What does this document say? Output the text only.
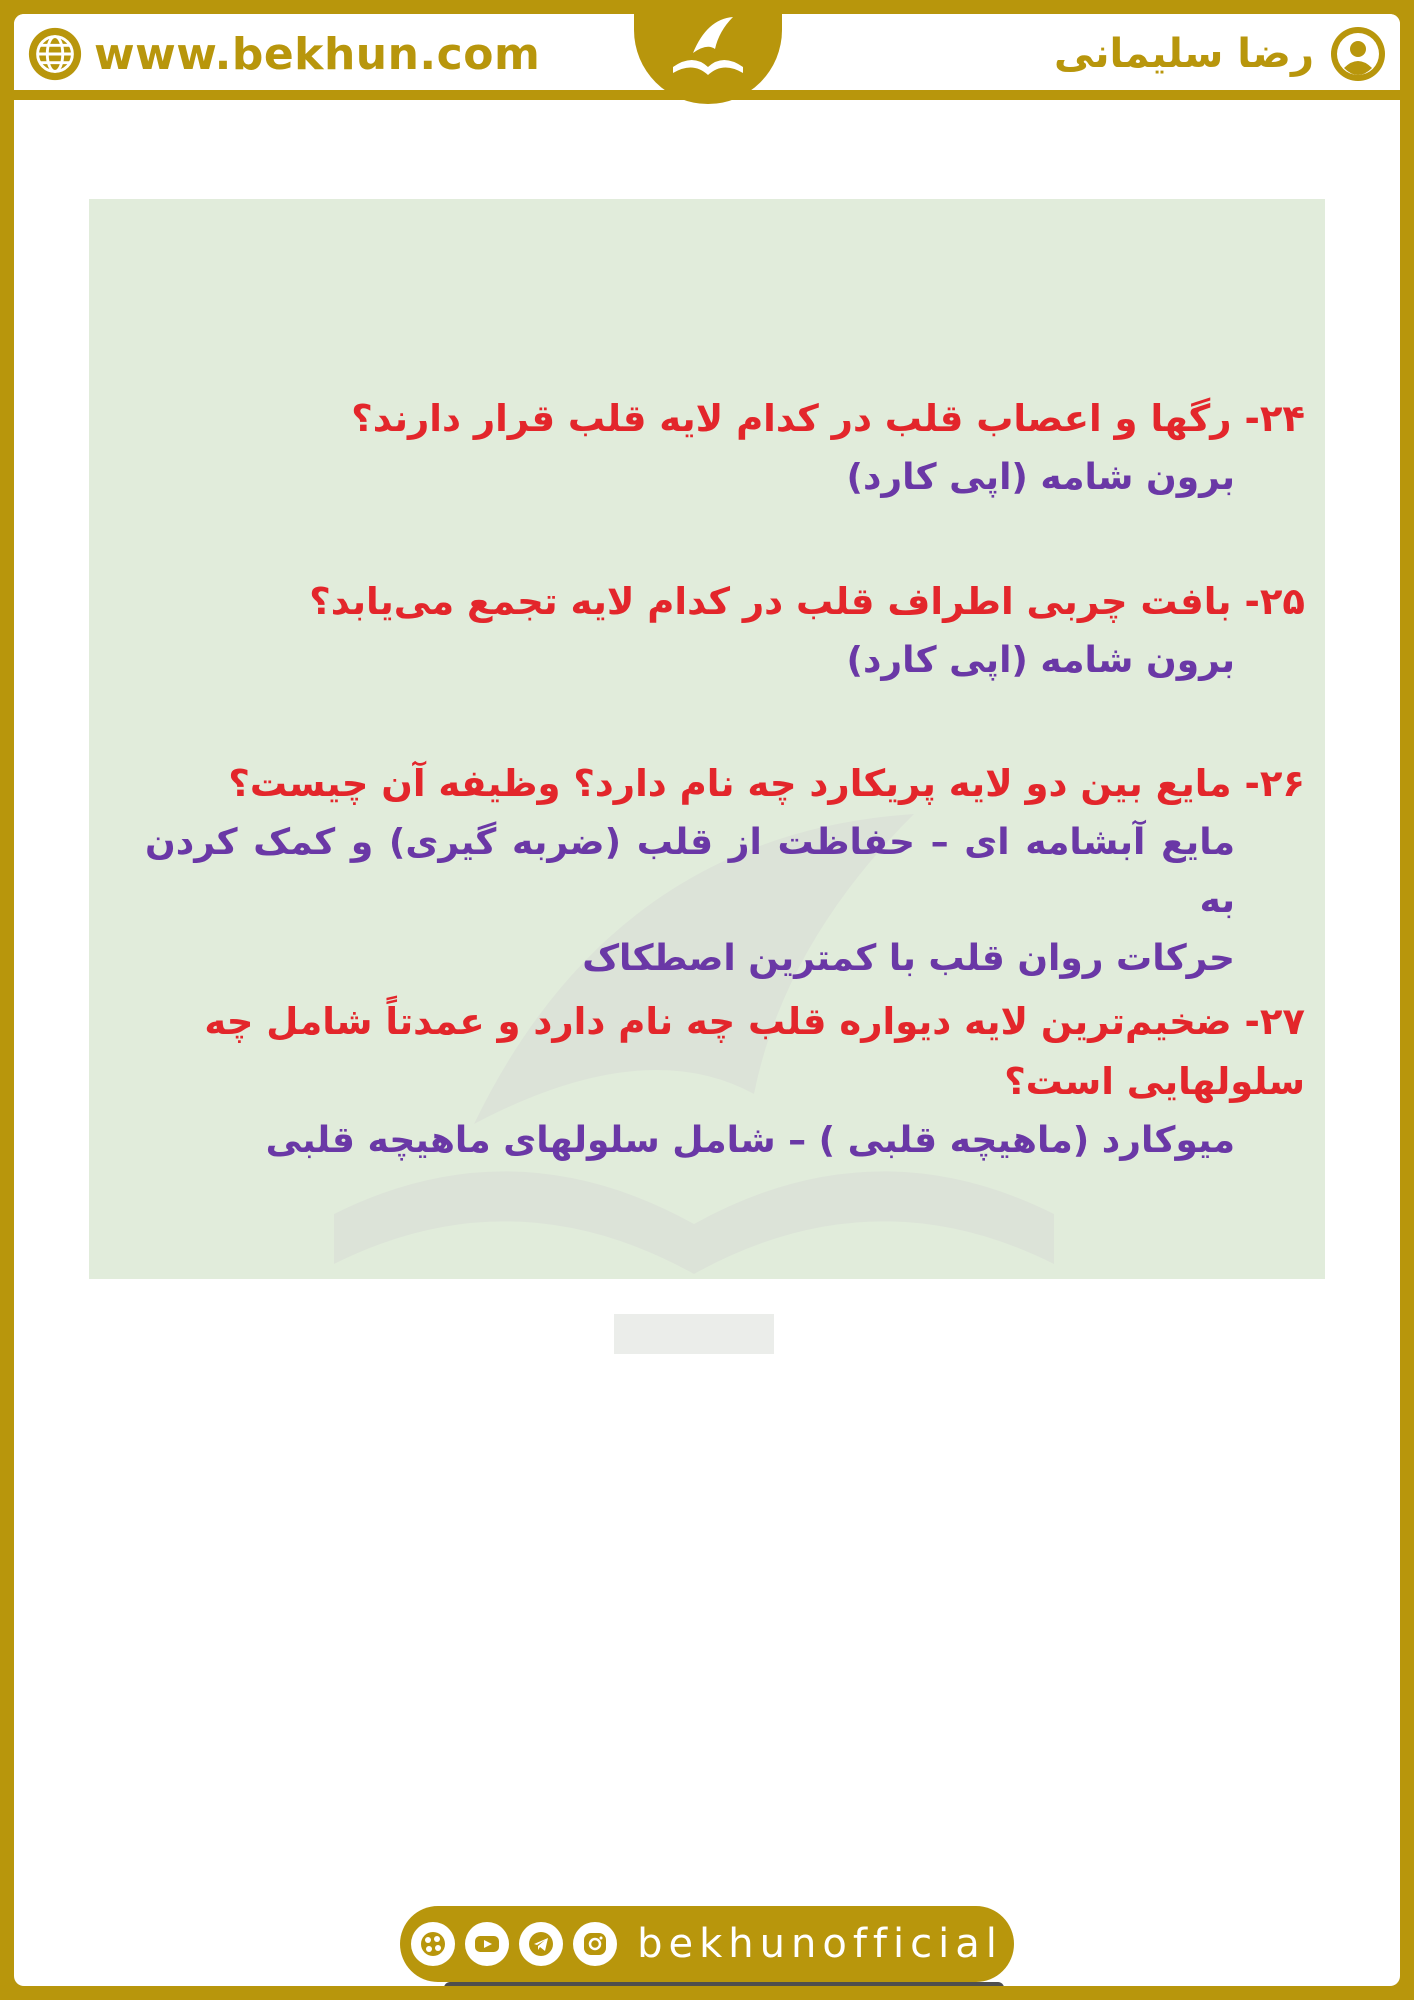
www.bekhun.com	رضا سلیمانی
۲۴- رگها و اعصاب قلب در کدام لایه قلب قرار دارند؟
برون شامه (اپی کارد)
۲۵- بافت چربی اطراف قلب در کدام لایه تجمع می‌یابد؟
برون شامه (اپی کارد)
۲۶- مایع بین دو لایه پریکارد چه نام دارد؟ وظیفه آن چیست؟
مایع آبشامه ای – حفاظت از قلب (ضربه گیری) و کمک کردن به
حرکات روان قلب با کمترین اصطکاک
۲۷- ضخیم‌ترین لایه دیواره قلب چه نام دارد و عمدتاً شامل چه سلولهایی است؟
میوکارد (ماهیچه قلبی ) – شامل سلولهای ماهیچه قلبی
bekhunofficial
